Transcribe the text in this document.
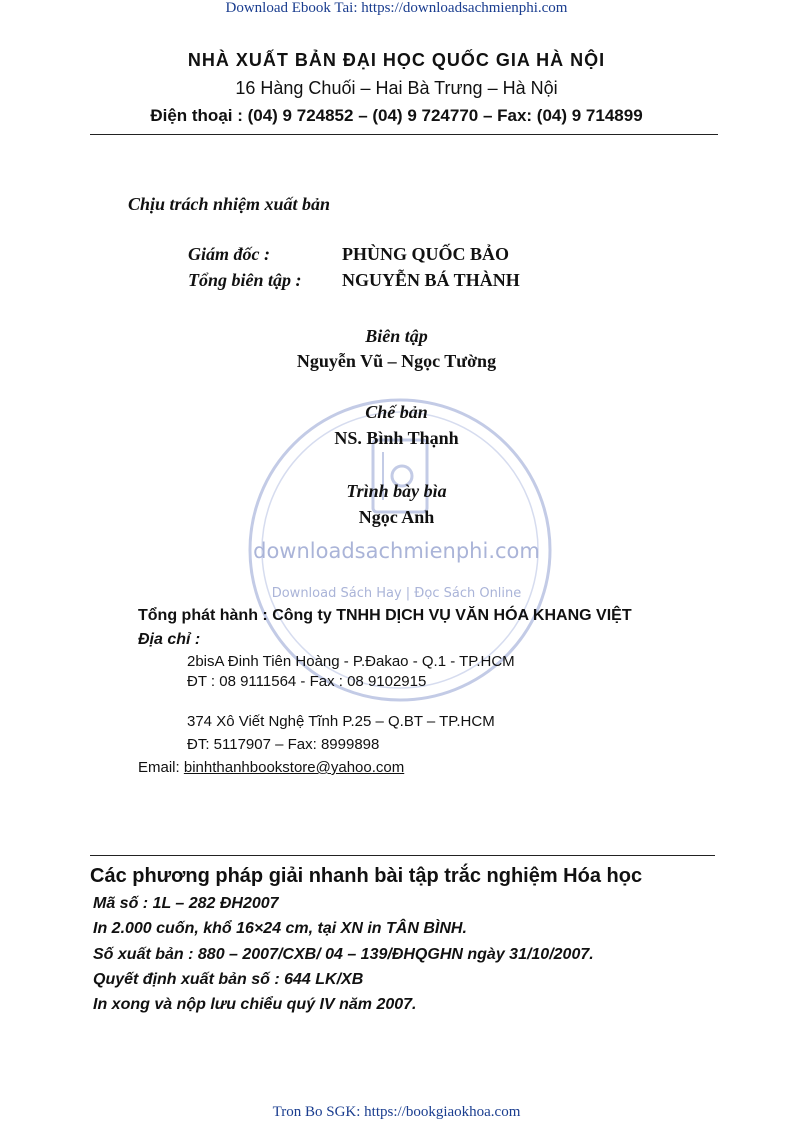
Download Ebook Tai: https://downloadsachmienphi.com
NHÀ XUẤT BẢN ĐẠI HỌC QUỐC GIA HÀ NỘI
16 Hàng Chuối – Hai Bà Trưng – Hà Nội
Điện thoại : (04) 9 724852 – (04) 9 724770 – Fax: (04) 9 714899
downloadsachmienphi.com
Download Sách Hay | Đọc Sách Online
Chịu trách nhiệm xuất bản
Giám đốc :	PHÙNG QUỐC BẢO
Tổng biên tập : NGUYỄN BÁ THÀNH
Biên tập
Nguyễn Vũ – Ngọc Tường
Chế bản
NS. Bình Thạnh
Trình bày bìa
Ngọc Anh
Tổng phát hành : Công ty TNHH DỊCH VỤ VĂN HÓA KHANG VIỆT
Địa chỉ :
2bisA Đinh Tiên Hoàng - P.Đakao - Q.1 - TP.HCM
ĐT : 08 9111564 - Fax : 08 9102915
374 Xô Viết Nghệ Tĩnh P.25 – Q.BT – TP.HCM
ĐT: 5117907 – Fax: 8999898
Email: binhthanhbookstore@yahoo.com
Các phương pháp giải nhanh bài tập trắc nghiệm Hóa học
Mã số : 1L – 282 ĐH2007
In 2.000 cuốn, khổ 16×24 cm, tại XN in TÂN BÌNH.
Số xuất bản : 880 – 2007/CXB/ 04 – 139/ĐHQGHN ngày 31/10/2007.
Quyết định xuất bản số : 644 LK/XB
In xong và nộp lưu chiểu quý IV năm 2007.
Tron Bo SGK: https://bookgiaokhoa.com
